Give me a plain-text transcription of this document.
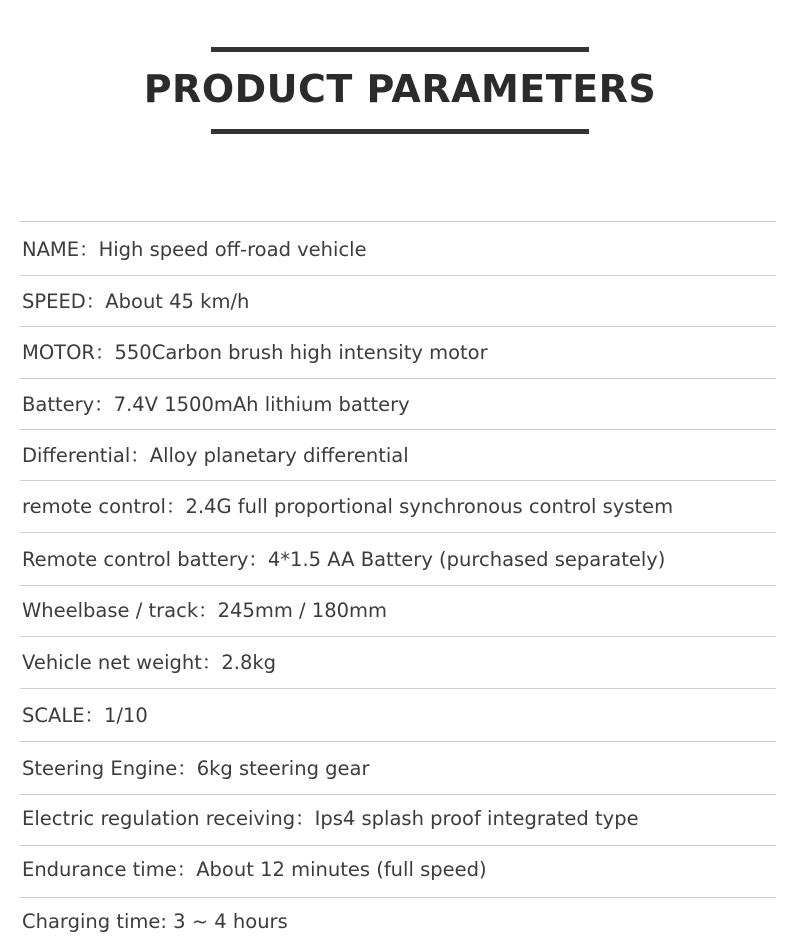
PRODUCT PARAMETERS
NAME：High speed off-road vehicle
SPEED：About 45 km/h
MOTOR：550Carbon brush high intensity motor
Battery：7.4V 1500mAh lithium battery
Differential：Alloy planetary differential
remote control：2.4G full proportional synchronous control system
Remote control battery：4*1.5 AA Battery (purchased separately)
Wheelbase / track：245mm / 180mm
Vehicle net weight：2.8kg
SCALE：1/10
Steering Engine：6kg steering gear
Electric regulation receiving：Ips4 splash proof integrated type
Endurance time：About 12 minutes (full speed)
Charging time: 3 ~ 4 hours
